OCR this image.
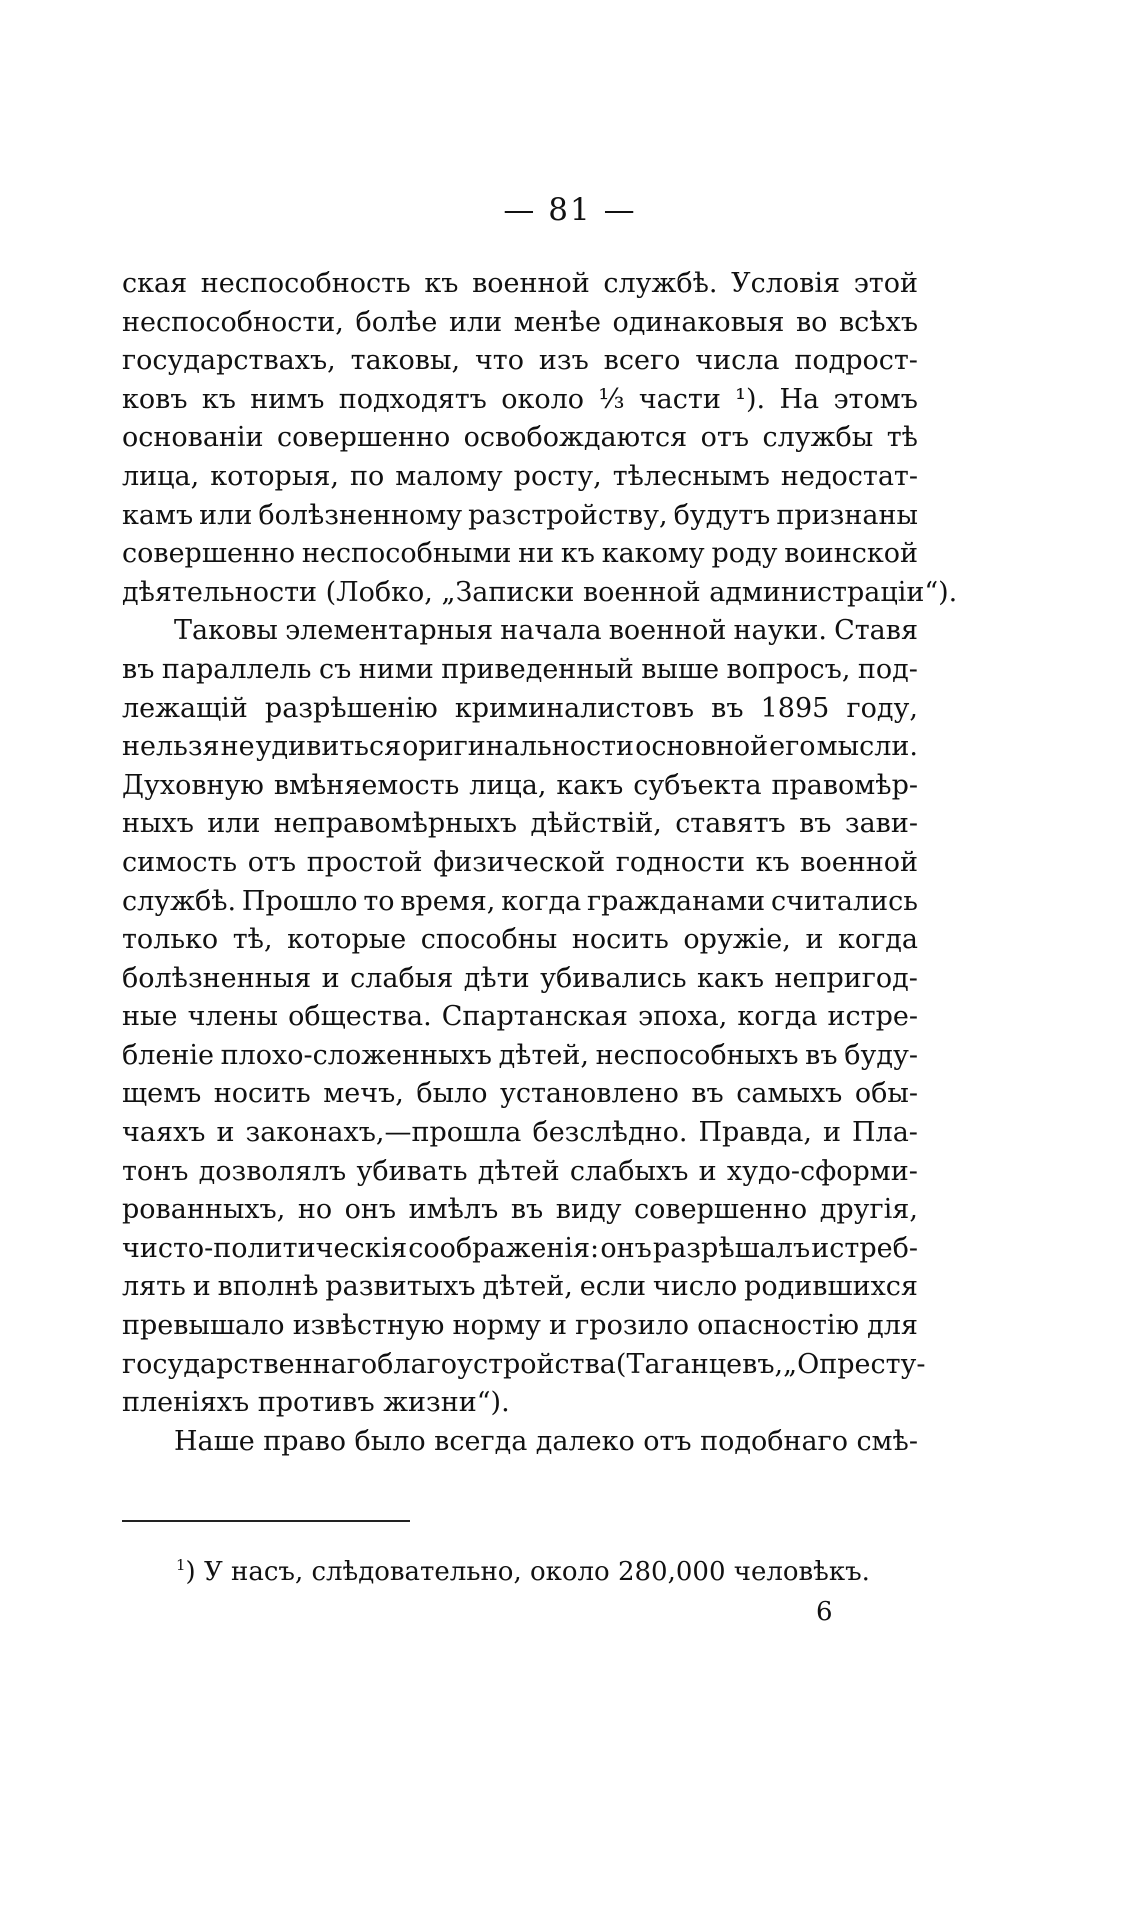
— 81 —
ская неспособность къ военной службѣ. Условія этой
неспособности, болѣе или менѣе одинаковыя во всѣхъ
государствахъ, таковы, что изъ всего числа подрост-
ковъ къ нимъ подходятъ около ⅓ части ¹). На этомъ
основаніи совершенно освобождаются отъ службы тѣ
лица, которыя, по малому росту, тѣлеснымъ недостат-
камъ или болѣзненному разстройству, будутъ признаны
совершенно неспособными ни къ какому роду воинской
дѣятельности (Лобко, „Записки военной администраціи“).
Таковы элементарныя начала военной науки. Ставя
въ параллель съ ними приведенный выше вопросъ, под-
лежащій разрѣшенію криминалистовъ въ 1895 году,
нельзя не удивиться оригинальности основной его мысли.
Духовную вмѣняемость лица, какъ субъекта правомѣр-
ныхъ или неправомѣрныхъ дѣйствій, ставятъ въ зави-
симость отъ простой физической годности къ военной
службѣ. Прошло то время, когда гражданами считались
только тѣ, которые способны носить оружіе, и когда
болѣзненныя и слабыя дѣти убивались какъ непригод-
ные члены общества. Спартанская эпоха, когда истре-
бленіе плохо-сложенныхъ дѣтей, неспособныхъ въ буду-
щемъ носить мечъ, было установлено въ самыхъ обы-
чаяхъ и законахъ,—прошла безслѣдно. Правда, и Пла-
тонъ дозволялъ убивать дѣтей слабыхъ и худо-сформи-
рованныхъ, но онъ имѣлъ въ виду совершенно другія,
чисто-политическія соображенія: онъ разрѣшалъ истреб-
лять и вполнѣ развитыхъ дѣтей, если число родившихся
превышало извѣстную норму и грозило опасностію для
государственнаго благоустройства (Таганцевъ, „О престу-
пленіяхъ противъ жизни“).
Наше право было всегда далеко отъ подобнаго смѣ-
$^1$) У насъ, слѣдовательно, около 280,000 человѣкъ.
6
